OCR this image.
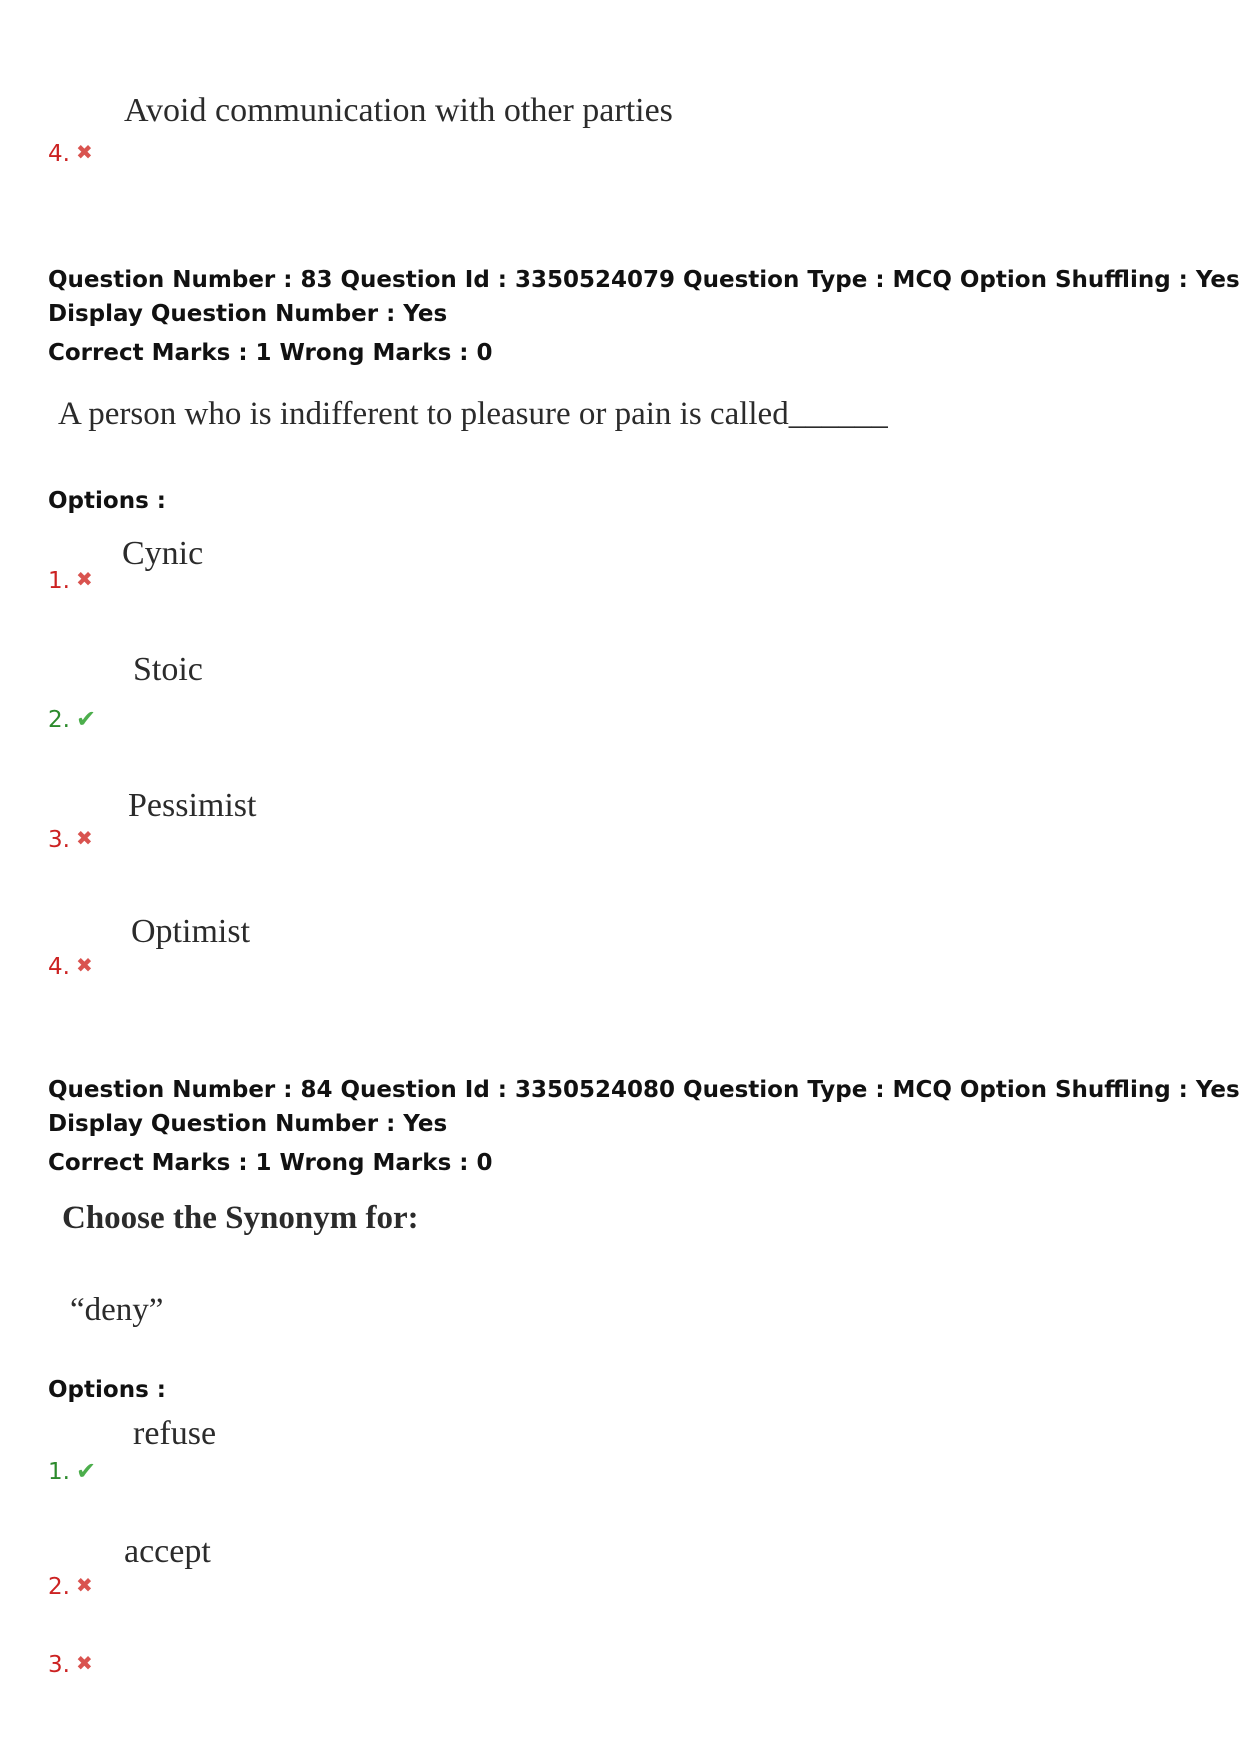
Avoid communication with other parties
4. ✖
Question Number : 83 Question Id : 3350524079 Question Type : MCQ Option Shuffling : Yes
Display Question Number : Yes
Correct Marks : 1 Wrong Marks : 0
A person who is indifferent to pleasure or pain is called______
Options :
Cynic
1. ✖
Stoic
2. ✔
Pessimist
3. ✖
Optimist
4. ✖
Question Number : 84 Question Id : 3350524080 Question Type : MCQ Option Shuffling : Yes
Display Question Number : Yes
Correct Marks : 1 Wrong Marks : 0
Choose the Synonym for:
“deny”
Options :
refuse
1. ✔
accept
2. ✖
3. ✖
